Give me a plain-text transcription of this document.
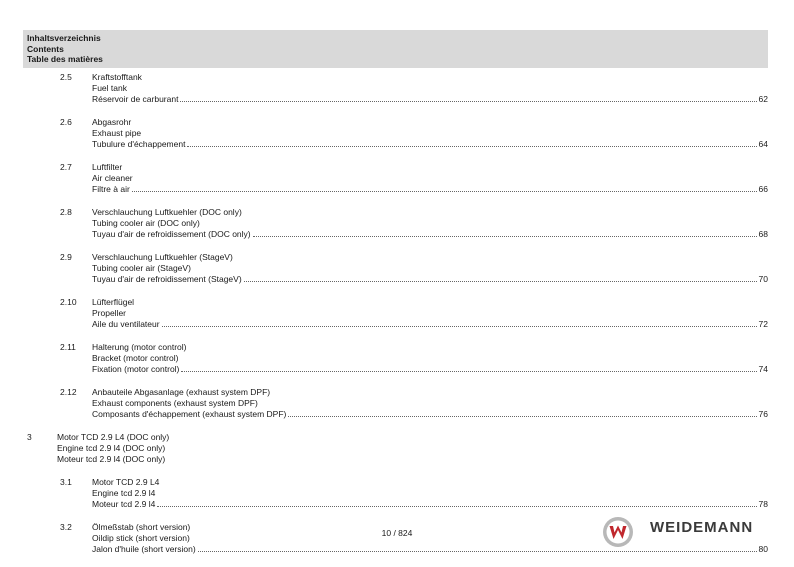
Inhaltsverzeichnis
Contents
Table des matières
2.5 Kraftstofftank
Fuel tank
Réservoir de carburant	62
2.6 Abgasrohr
Exhaust pipe
Tubulure d'échappement	64
2.7 Luftfilter
Air cleaner
Filtre à air	66
2.8 Verschlauchung Luftkuehler (DOC only)
Tubing cooler air (DOC only)
Tuyau d'air de refroidissement (DOC only)	68
2.9 Verschlauchung Luftkuehler (StageV)
Tubing cooler air (StageV)
Tuyau d'air de refroidissement (StageV)	70
2.10 Lüfterflügel
Propeller
Aile du ventilateur	72
2.11 Halterung (motor control)
Bracket (motor control)
Fixation (motor control)	74
2.12 Anbauteile Abgasanlage (exhaust system DPF)
Exhaust components (exhaust system DPF)
Composants d'échappement (exhaust system DPF)	76
3	Motor TCD 2.9 L4 (DOC only)
Engine tcd 2.9 l4 (DOC only)
Moteur tcd 2.9 l4 (DOC only)
3.1 Motor TCD 2.9 L4
Engine tcd 2.9 l4
Moteur tcd 2.9 l4	78
3.2 Ölmeßstab (short version)
Oildip stick (short version)
Jalon d'huile (short version)	80
10 / 824	WEIDEMANN
